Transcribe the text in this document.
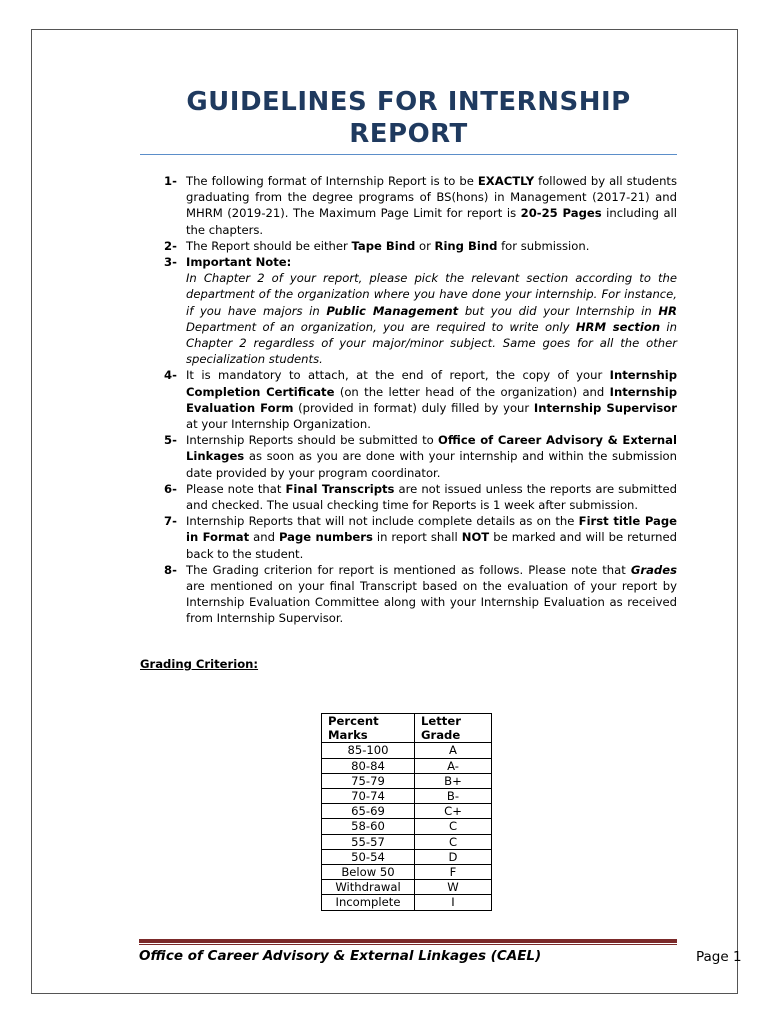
GUIDELINES FOR INTERNSHIP REPORT
1- The following format of Internship Report is to be EXACTLY followed by all students graduating from the degree programs of BS(hons) in Management (2017-21) and MHRM (2019-21). The Maximum Page Limit for report is 20-25 Pages including all the chapters.
2- The Report should be either Tape Bind or Ring Bind for submission.
3- Important Note:
In Chapter 2 of your report, please pick the relevant section according to the department of the organization where you have done your internship. For instance, if you have majors in Public Management but you did your Internship in HR Department of an organization, you are required to write only HRM section in Chapter 2 regardless of your major/minor subject. Same goes for all the other specialization students.
4- It is mandatory to attach, at the end of report, the copy of your Internship Completion Certificate (on the letter head of the organization) and Internship Evaluation Form (provided in format) duly filled by your Internship Supervisor at your Internship Organization.
5- Internship Reports should be submitted to Office of Career Advisory & External Linkages as soon as you are done with your internship and within the submission date provided by your program coordinator.
6- Please note that Final Transcripts are not issued unless the reports are submitted and checked. The usual checking time for Reports is 1 week after submission.
7- Internship Reports that will not include complete details as on the First title Page in Format and Page numbers in report shall NOT be marked and will be returned back to the student.
8- The Grading criterion for report is mentioned as follows. Please note that Grades are mentioned on your final Transcript based on the evaluation of your report by Internship Evaluation Committee along with your Internship Evaluation as received from Internship Supervisor.
Grading Criterion:
Percent Marks	Letter Grade
85-100	A
80-84	A-
75-79	B+
70-74	B-
65-69	C+
58-60	C
55-57	C
50-54	D
Below 50	F
Withdrawal	W
Incomplete	I
Office of Career Advisory & External Linkages (CAEL)	Page 1
